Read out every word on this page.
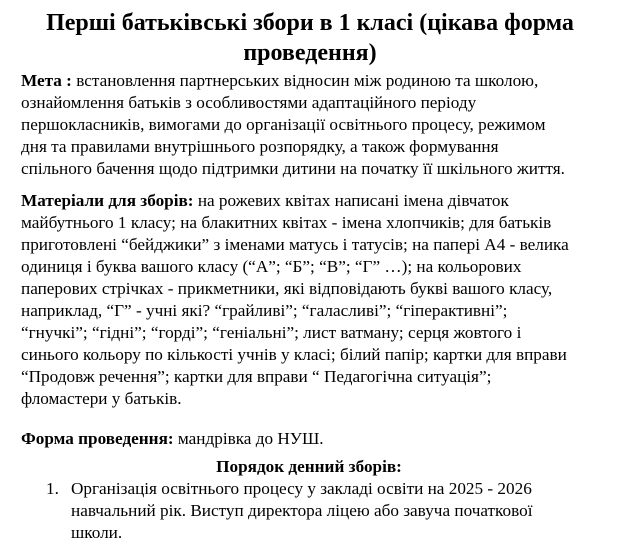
Перші батьківські збори в 1 класі (цікава форма
проведення)
Мета : встановлення партнерських відносин між родиною та школою,
ознайомлення батьків з особливостями адаптаційного періоду
першокласників, вимогами до організації освітнього процесу, режимом
дня та правилами внутрішнього розпорядку, а також формування
спільного бачення щодо підтримки дитини на початку її шкільного життя.
Матеріали для зборів: на рожевих квітах написані імена дівчаток
майбутнього 1 класу; на блакитних квітах - імена хлопчиків; для батьків
приготовлені “бейджики” з іменами матусь і татусів; на папері А4 - велика
одиниця і буква вашого класу (“А”; “Б”; “В”; “Г” …); на кольорових
паперових стрічках - прикметники, які відповідають букві вашого класу,
наприклад, “Г” - учні які? “грайливі”; “галасливі”; “гіперактивні”;
“гнучкі”; “гідні”; “горді”; “геніальні”; лист ватману; серця жовтого і
синього кольору по кількості учнів у класі; білий папір; картки для вправи
“Продовж речення”; картки для вправи “ Педагогічна ситуація”;
фломастери у батьків.
Форма проведення: мандрівка до НУШ.
Порядок денний зборів:
1. Організація освітнього процесу у закладі освіти на 2025 - 2026
навчальний рік. Виступ директора ліцею або завуча початкової
школи.
